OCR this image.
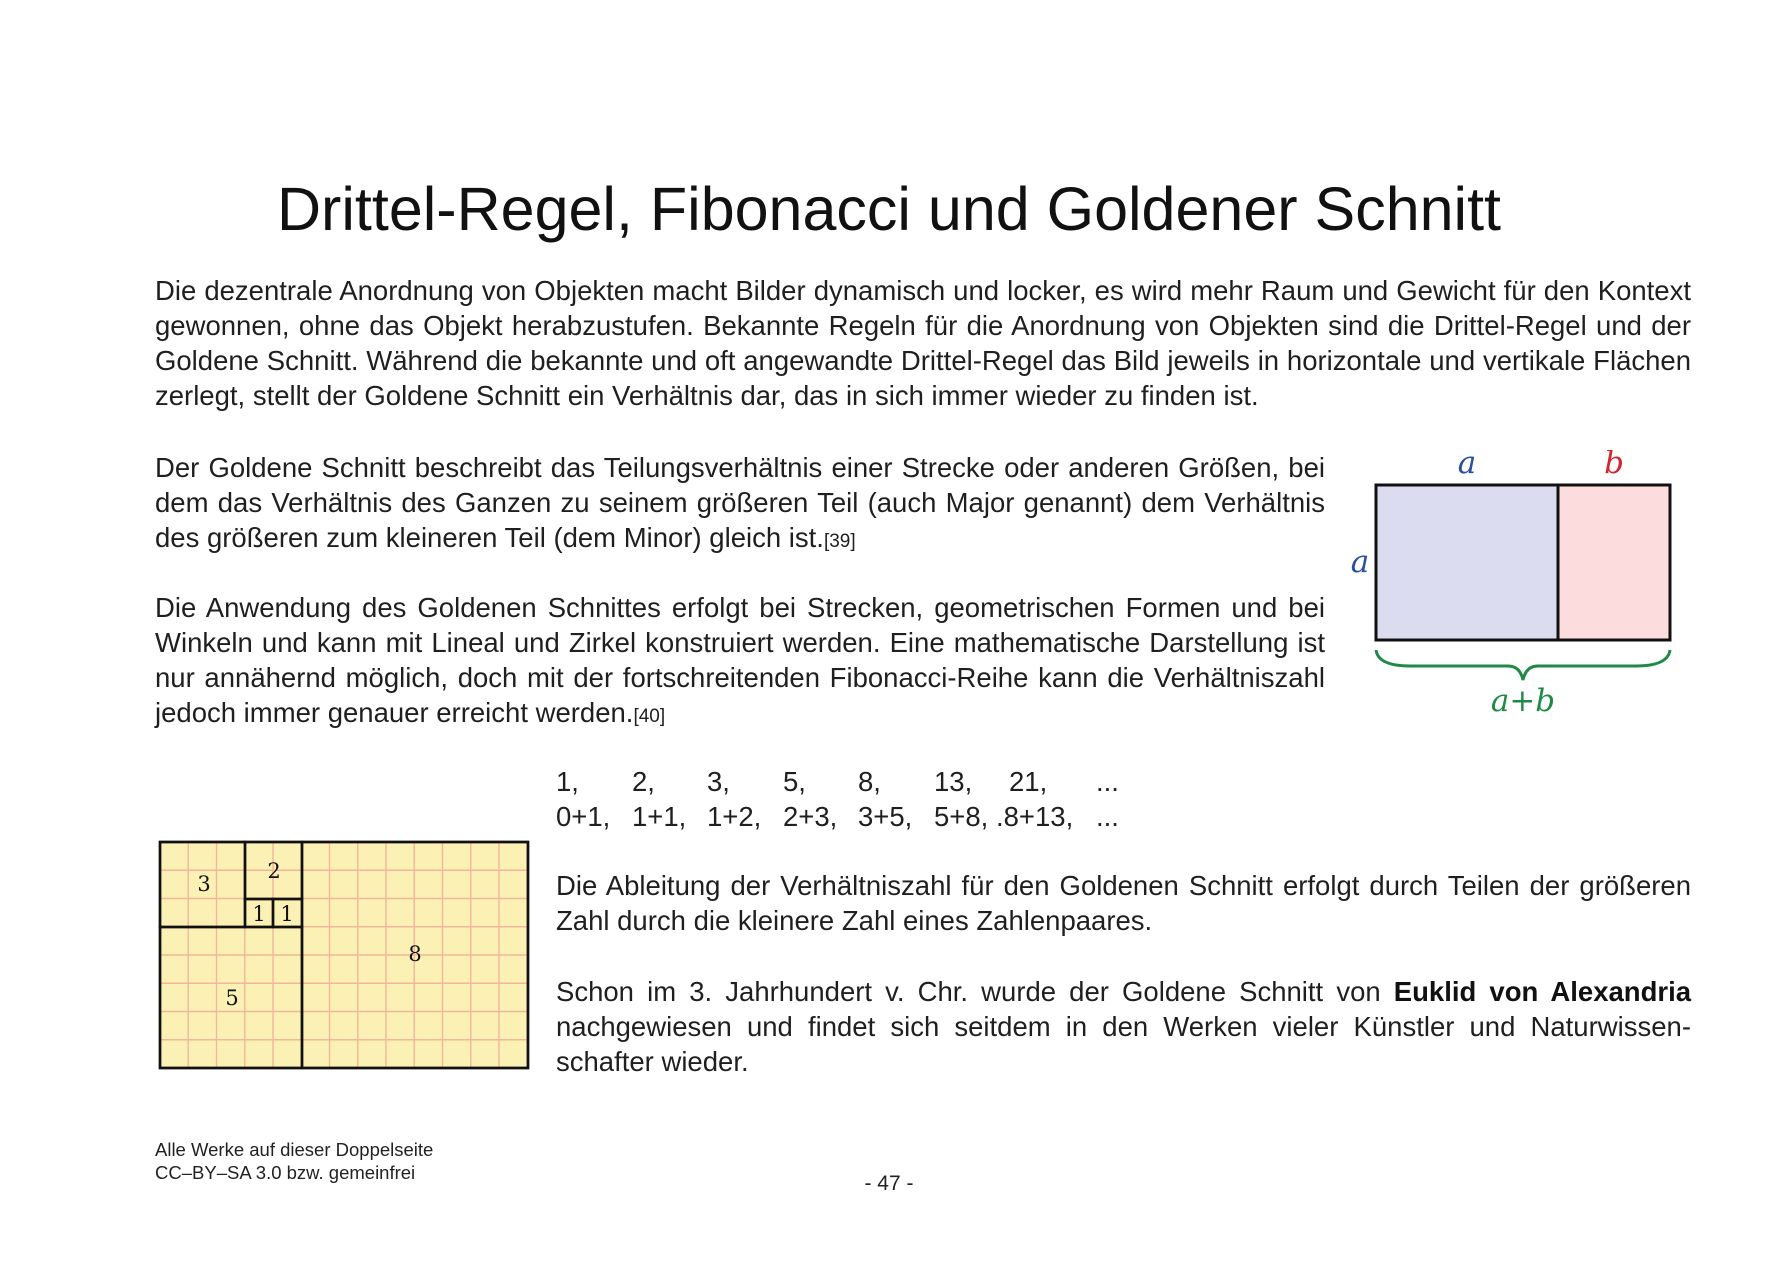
Drittel-Regel, Fibonacci und Goldener Schnitt

Die dezentrale Anordnung von Objekten macht Bilder dynamisch und locker, es wird mehr Raum und Gewicht für den Kontext gewonnen, ohne das Objekt herabzustufen. Bekannte Regeln für die Anordnung von Objekten sind die Drittel-Regel und der Goldene Schnitt. Während die bekannte und oft angewandte Drittel-Regel das Bild jeweils in horizontale und vertikale Flächen zerlegt, stellt der Goldene Schnitt ein Verhältnis dar, das in sich immer wieder zu finden ist.

Der Goldene Schnitt beschreibt das Teilungsverhältnis einer Strecke oder anderen Größen, bei dem das Verhältnis des Ganzen zu seinem größeren Teil (auch Major genannt) dem Verhältnis des größeren zum kleineren Teil (dem Minor) gleich ist.[39]

Die Anwendung des Goldenen Schnittes erfolgt bei Strecken, geometrischen Formen und bei Winkeln und kann mit Lineal und Zirkel konstruiert werden. Eine mathematische Darstellung ist nur annähernd möglich, doch mit der fortschreitenden Fibonacci-Reihe kann die Verhältniszahl jedoch immer genauer erreicht werden.[40]

a	b
a
a+b
1, 2, 3, 5, 8, 13, 21, ...
0+1, 1+1, 1+2, 2+3, 3+5, 5+8, .8+13, ...
3
2
1 1
8
5

Die Ableitung der Verhältniszahl für den Goldenen Schnitt erfolgt durch Teilen der größeren Zahl durch die kleinere Zahl eines Zahlenpaares.

Schon im 3. Jahrhundert v. Chr. wurde der Goldene Schnitt von Euklid von Alexandria nachgewiesen und findet sich seitdem in den Werken vieler Künstler und Naturwissenschafter wieder.

Alle Werke auf dieser Doppelseite
CC–BY–SA 3.0 bzw. gemeinfrei	- 47 -
